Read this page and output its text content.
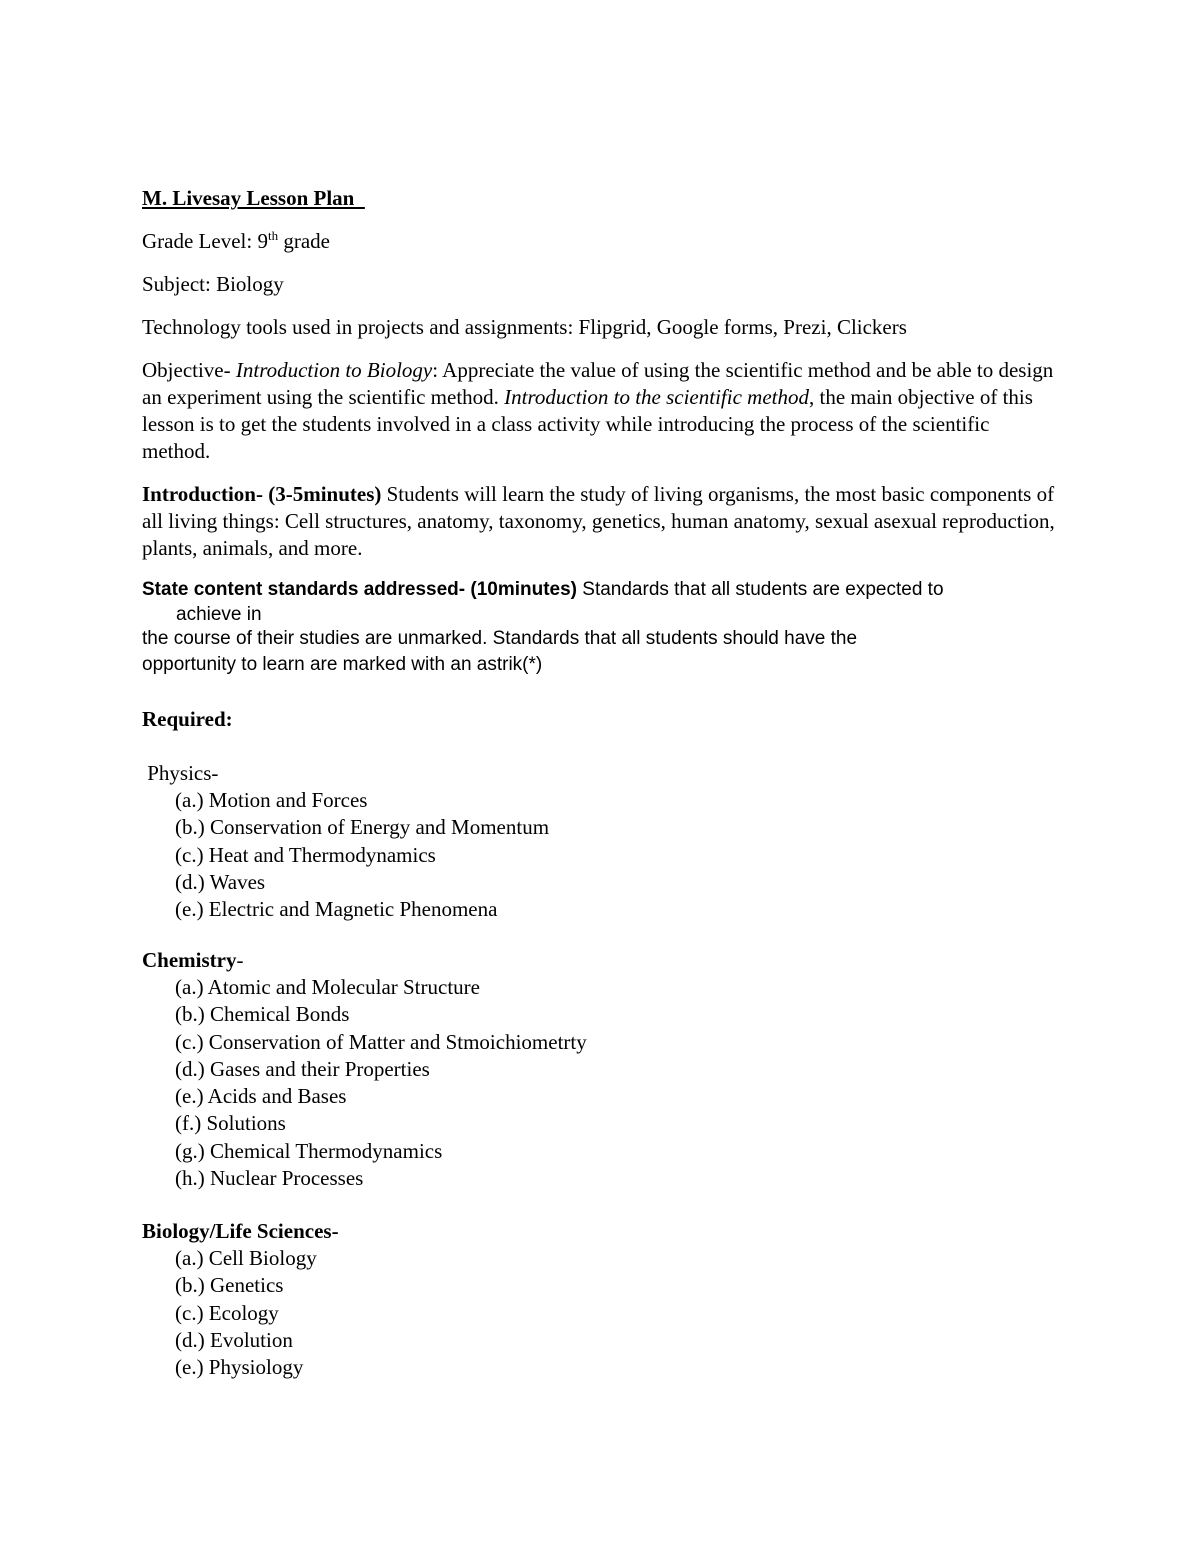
M. Livesay Lesson Plan
Grade Level: 9th grade
Subject: Biology
Technology tools used in projects and assignments: Flipgrid, Google forms, Prezi, Clickers
Objective- Introduction to Biology: Appreciate the value of using the scientific method and be able to design an experiment using the scientific method. Introduction to the scientific method, the main objective of this lesson is to get the students involved in a class activity while introducing the process of the scientific method.
Introduction- (3-5minutes) Students will learn the study of living organisms, the most basic components of all living things: Cell structures, anatomy, taxonomy, genetics, human anatomy, sexual asexual reproduction, plants, animals, and more.
State content standards addressed- (10minutes) Standards that all students are expected to
achieve in
the course of their studies are unmarked. Standards that all students should have the
opportunity to learn are marked with an astrik(*)
Required:
Physics-
(a.) Motion and Forces
(b.) Conservation of Energy and Momentum
(c.) Heat and Thermodynamics
(d.) Waves
(e.) Electric and Magnetic Phenomena
Chemistry-
(a.) Atomic and Molecular Structure
(b.) Chemical Bonds
(c.) Conservation of Matter and Stmoichiometrty
(d.) Gases and their Properties
(e.) Acids and Bases
(f.) Solutions
(g.) Chemical Thermodynamics
(h.) Nuclear Processes
Biology/Life Sciences-
(a.) Cell Biology
(b.) Genetics
(c.) Ecology
(d.) Evolution
(e.) Physiology
